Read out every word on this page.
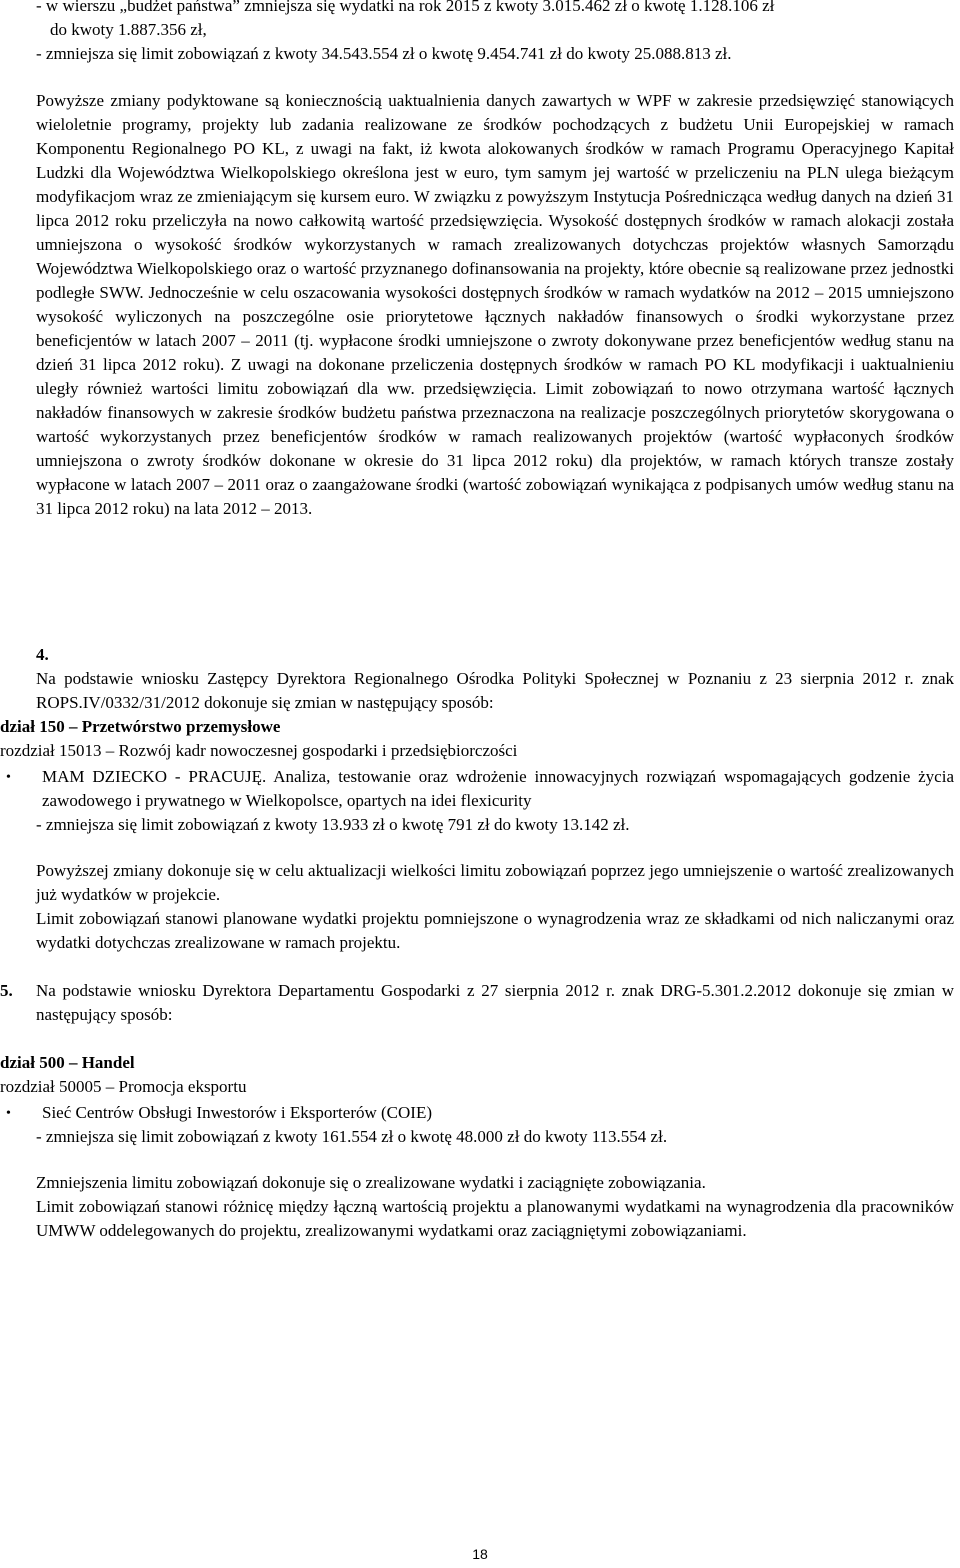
- w wierszu „budżet państwa” zmniejsza się wydatki na rok 2015 z kwoty 3.015.462 zł o kwotę 1.128.106 zł

do kwoty 1.887.356 zł,

- zmniejsza się limit zobowiązań z kwoty 34.543.554 zł o kwotę 9.454.741 zł do kwoty 25.088.813 zł.

Powyższe zmiany podyktowane są koniecznością uaktualnienia danych zawartych w WPF w zakresie przedsięwzięć stanowiących wieloletnie programy, projekty lub zadania realizowane ze środków pochodzących z budżetu Unii Europejskiej w ramach Komponentu Regionalnego PO KL, z uwagi na fakt, iż kwota alokowanych środków w ramach Programu Operacyjnego Kapitał Ludzki dla Województwa Wielkopolskiego określona jest w euro, tym samym jej wartość w przeliczeniu na PLN ulega bieżącym modyfikacjom wraz ze zmieniającym się kursem euro. W związku z powyższym Instytucja Pośrednicząca według danych na dzień 31 lipca 2012 roku przeliczyła na nowo całkowitą wartość przedsięwzięcia. Wysokość dostępnych środków w ramach alokacji została umniejszona o wysokość środków wykorzystanych w ramach zrealizowanych dotychczas projektów własnych Samorządu Województwa Wielkopolskiego oraz o wartość przyznanego dofinansowania na projekty, które obecnie są realizowane przez jednostki podległe SWW. Jednocześnie w celu oszacowania wysokości dostępnych środków w ramach wydatków na 2012 – 2015 umniejszono wysokość wyliczonych na poszczególne osie priorytetowe łącznych nakładów finansowych o środki wykorzystane przez beneficjentów w latach 2007 – 2011 (tj. wypłacone środki umniejszone o zwroty dokonywane przez beneficjentów według stanu na dzień 31 lipca 2012 roku). Z uwagi na dokonane przeliczenia dostępnych środków w ramach PO KL modyfikacji i uaktualnieniu uległy również wartości limitu zobowiązań dla ww. przedsięwzięcia. Limit zobowiązań to nowo otrzymana wartość łącznych nakładów finansowych w zakresie środków budżetu państwa przeznaczona na realizacje poszczególnych priorytetów skorygowana o wartość wykorzystanych przez beneficjentów środków w ramach realizowanych projektów (wartość wypłaconych środków umniejszona o zwroty środków dokonane w okresie do 31 lipca 2012 roku) dla projektów, w ramach których transze zostały wypłacone w latach 2007 – 2011 oraz o zaangażowane środki (wartość zobowiązań wynikająca z podpisanych umów według stanu na 31 lipca 2012 roku) na lata 2012 – 2013.

4.

Na podstawie wniosku Zastępcy Dyrektora Regionalnego Ośrodka Polityki Społecznej w Poznaniu z 23 sierpnia 2012 r. znak ROPS.IV/0332/31/2012 dokonuje się zmian w następujący sposób:

dział 150 – Przetwórstwo przemysłowe

rozdział 15013 – Rozwój kadr nowoczesnej gospodarki i przedsiębiorczości

• MAM DZIECKO - PRACUJĘ. Analiza, testowanie oraz wdrożenie innowacyjnych rozwiązań wspomagających godzenie życia zawodowego i prywatnego w Wielkopolsce, opartych na idei flexicurity

- zmniejsza się limit zobowiązań z kwoty 13.933 zł o kwotę 791 zł do kwoty 13.142 zł.

Powyższej zmiany dokonuje się w celu aktualizacji wielkości limitu zobowiązań poprzez jego umniejszenie o wartość zrealizowanych już wydatków w projekcie.

Limit zobowiązań stanowi planowane wydatki projektu pomniejszone o wynagrodzenia wraz ze składkami od nich naliczanymi oraz wydatki dotychczas zrealizowane w ramach projektu.

5. Na podstawie wniosku Dyrektora Departamentu Gospodarki z 27 sierpnia 2012 r. znak DRG-5.301.2.2012 dokonuje się zmian w następujący sposób:

dział 500 – Handel

rozdział 50005 – Promocja eksportu

• Sieć Centrów Obsługi Inwestorów i Eksporterów (COIE)

- zmniejsza się limit zobowiązań z kwoty 161.554 zł o kwotę 48.000 zł do kwoty 113.554 zł.

Zmniejszenia limitu zobowiązań dokonuje się o zrealizowane wydatki i zaciągnięte zobowiązania.

Limit zobowiązań stanowi różnicę między łączną wartością projektu a planowanymi wydatkami na wynagrodzenia dla pracowników UMWW oddelegowanych do projektu, zrealizowanymi wydatkami oraz zaciągniętymi zobowiązaniami.

18
